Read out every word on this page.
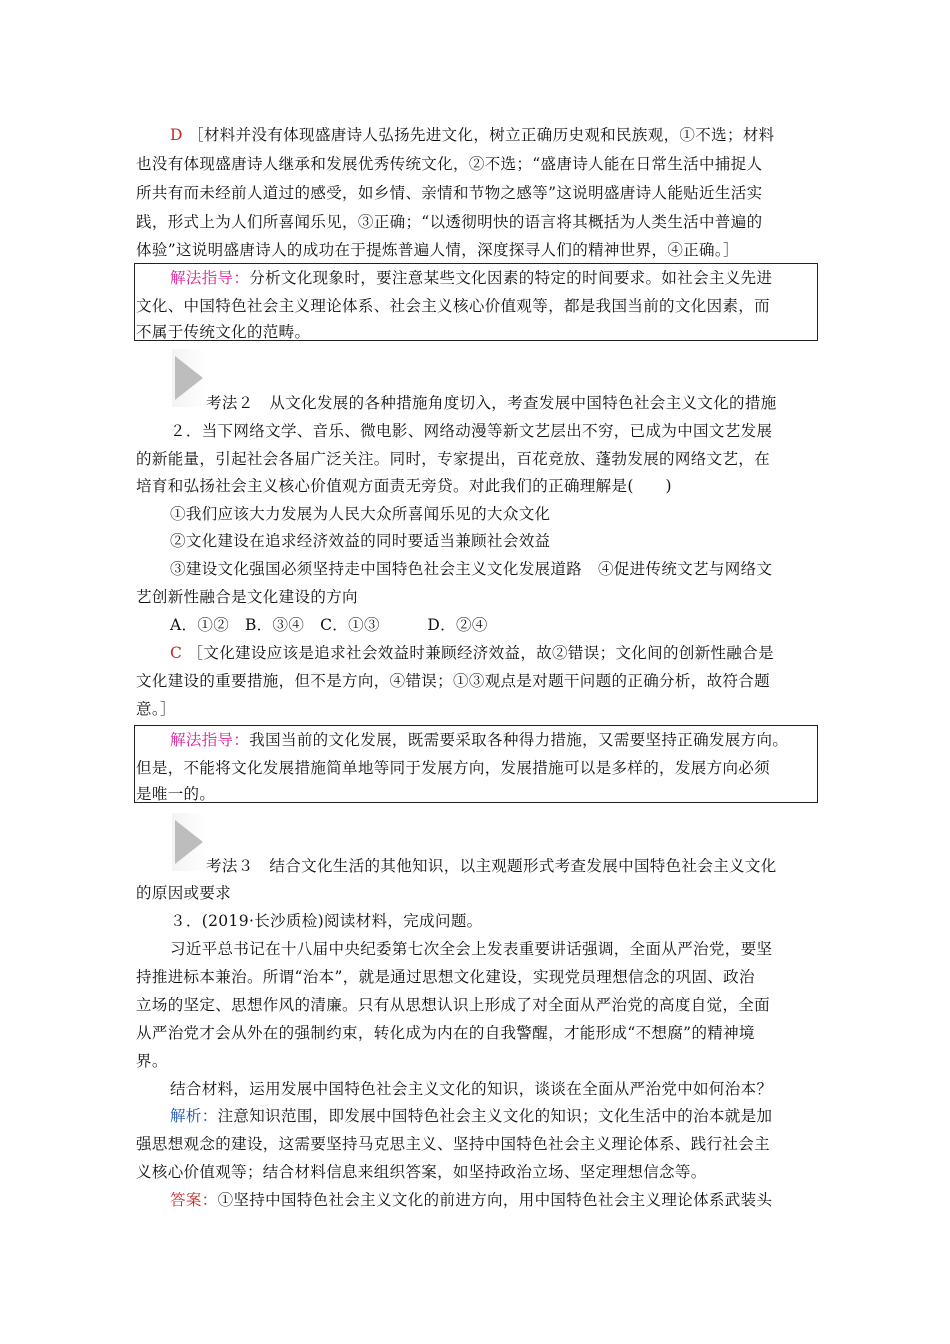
D ［材料并没有体现盛唐诗人弘扬先进文化，树立正确历史观和民族观，①不选；材料
也没有体现盛唐诗人继承和发展优秀传统文化，②不选；“盛唐诗人能在日常生活中捕捉人
所共有而未经前人道过的感受，如乡情、亲情和节物之感等”这说明盛唐诗人能贴近生活实
践，形式上为人们所喜闻乐见，③正确；“以透彻明快的语言将其概括为人类生活中普遍的
体验”这说明盛唐诗人的成功在于提炼普遍人情，深度探寻人们的精神世界，④正确。］
解法指导：分析文化现象时，要注意某些文化因素的特定的时间要求。如社会主义先进
文化、中国特色社会主义理论体系、社会主义核心价值观等，都是我国当前的文化因素，而
不属于传统文化的范畴。
考法２　从文化发展的各种措施角度切入，考查发展中国特色社会主义文化的措施
２．当下网络文学、音乐、微电影、网络动漫等新文艺层出不穷，已成为中国文艺发展
的新能量，引起社会各届广泛关注。同时，专家提出，百花竞放、蓬勃发展的网络文艺，在
培育和弘扬社会主义核心价值观方面责无旁贷。对此我们的正确理解是(　　)
①我们应该大力发展为人民大众所喜闻乐见的大众文化
②文化建设在追求经济效益的同时要适当兼顾社会效益
③建设文化强国必须坚持走中国特色社会主义文化发展道路　④促进传统文艺与网络文
艺创新性融合是文化建设的方向
A．①②　B．③④　C．①③　　　D．②④
C ［文化建设应该是追求社会效益时兼顾经济效益，故②错误；文化间的创新性融合是
文化建设的重要措施，但不是方向，④错误；①③观点是对题干问题的正确分析，故符合题
意。］
解法指导：我国当前的文化发展，既需要采取各种得力措施，又需要坚持正确发展方向。
但是，不能将文化发展措施简单地等同于发展方向，发展措施可以是多样的，发展方向必须
是唯一的。
考法３　结合文化生活的其他知识，以主观题形式考查发展中国特色社会主义文化
的原因或要求
３．(2019·长沙质检)阅读材料，完成问题。
习近平总书记在十八届中央纪委第七次全会上发表重要讲话强调，全面从严治党，要坚
持推进标本兼治。所谓“治本”，就是通过思想文化建设，实现党员理想信念的巩固、政治
立场的坚定、思想作风的清廉。只有从思想认识上形成了对全面从严治党的高度自觉，全面
从严治党才会从外在的强制约束，转化成为内在的自我警醒，才能形成“不想腐”的精神境
界。
结合材料，运用发展中国特色社会主义文化的知识，谈谈在全面从严治党中如何治本？
解析：注意知识范围，即发展中国特色社会主义文化的知识；文化生活中的治本就是加
强思想观念的建设，这需要坚持马克思主义、坚持中国特色社会主义理论体系、践行社会主
义核心价值观等；结合材料信息来组织答案，如坚持政治立场、坚定理想信念等。
答案：①坚持中国特色社会主义文化的前进方向，用中国特色社会主义理论体系武装头
